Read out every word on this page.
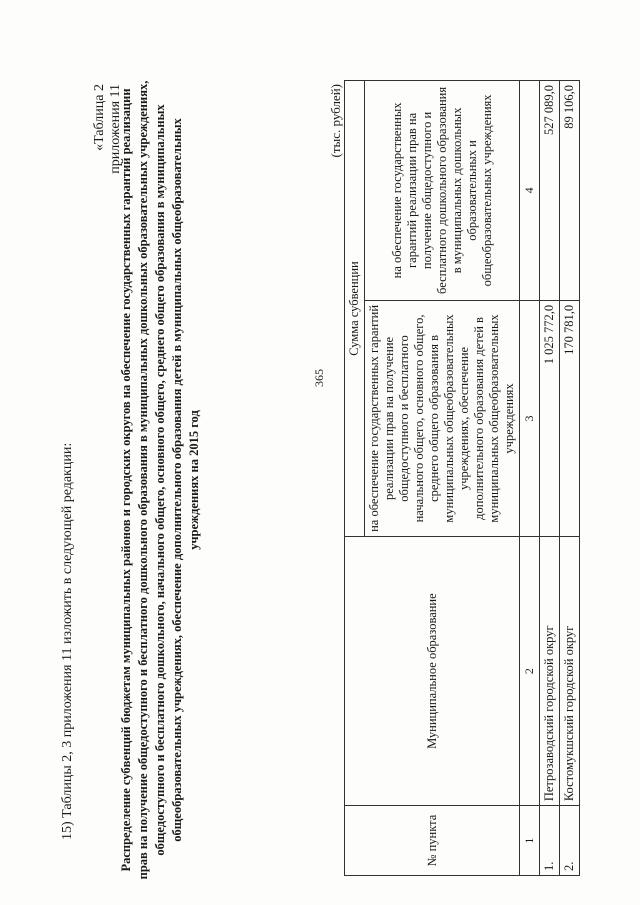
365
15) Таблицы 2, 3 приложения 11 изложить в следующей редакции:
«Таблица 2 приложения 11
Распределение субвенций бюджетам муниципальных районов и городских округов на обеспечение государственных гарантий реализации прав на получение общедоступного и бесплатного дошкольного образования в муниципальных дошкольных образовательных учреждениях, общедоступного и бесплатного дошкольного, начального общего, основного общего, среднего общего образования в муниципальных общеобразовательных учреждениях, обеспечение дополнительного образования детей в муниципальных общеобразовательных учреждениях на 2015 год
(тыс. рублей)
№ пункта	Муниципальное образование	Сумма субвенции	
		на обеспечение государственных гарантий реализации прав на получение общедоступного и бесплатного начального общего, основного общего, среднего общего образования в муниципальных общеобразовательных учреждениях, обеспечение дополнительного образования детей в муниципальных общеобразовательных учреждениях	на обеспечение государственных гарантий реализации прав на получение общедоступного и бесплатного дошкольного образования в муниципальных дошкольных образовательных и общеобразовательных учреждениях
1	2	3	4
1.	Петрозаводский городской округ	1 025 772,0	527 089,0
2.	Костомукшский городской округ	170 781,0	89 106,0
